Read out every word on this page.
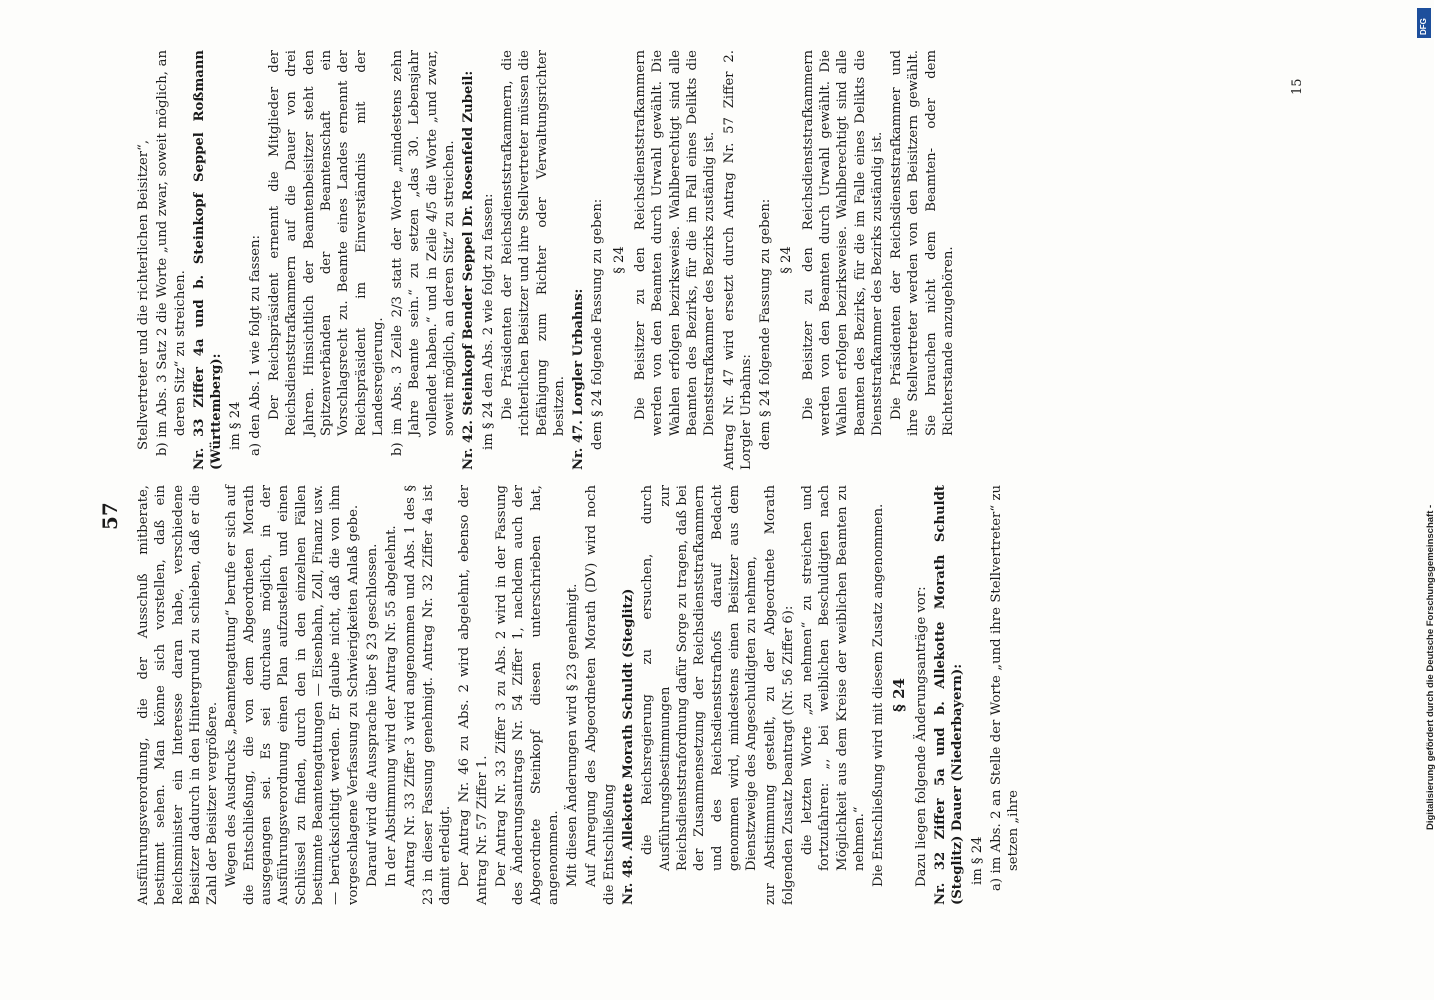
57 Ausführungsverordnung, die der Ausschuß mitberate, bestimmt sehen. Man könne sich vorstellen, daß ein Reichsminister ein Interesse daran habe, verschiedene Beisitzer dadurch in den Hintergrund zu schieben, daß er die Zahl der Beisitzer vergrößere. Wegen des Ausdrucks „Beamtengattung“ berufe er sich auf die Entschließung, die von dem Abgeordneten Morath ausgegangen sei. Es sei durchaus möglich, in der Ausführungsverordnung einen Plan aufzustellen und einen Schlüssel zu finden, durch den in den einzelnen Fällen bestimmte Beamtengattungen — Eisenbahn, Zoll, Finanz usw. — berücksichtigt werden. Er glaube nicht, daß die von ihm vorgeschlagene Verfassung zu Schwierigkeiten Anlaß gebe. Darauf wird die Aussprache über § 23 geschlossen. In der Abstimmung wird der Antrag Nr. 55 abgelehnt. Antrag Nr. 33 Ziffer 3 wird angenommen und Abs. 1 des § 23 in dieser Fassung genehmigt. Antrag Nr. 32 Ziffer 4a ist damit erledigt. Der Antrag Nr. 46 zu Abs. 2 wird abgelehnt, ebenso der Antrag Nr. 57 Ziffer 1. Der Antrag Nr. 33 Ziffer 3 zu Abs. 2 wird in der Fassung des Änderungsantrags Nr. 54 Ziffer 1, nachdem auch der Abgeordnete Steinkopf diesen unterschrieben hat, angenommen. Mit diesen Änderungen wird § 23 genehmigt. Auf Anregung des Abgeordneten Morath (DV) wird noch die Entschließung Nr. 48. Allekotte Morath Schuldt (Steglitz) die Reichsregierung zu ersuchen, durch Ausführungsbestimmungen zur Reichsdienststrafordnung dafür Sorge zu tragen, daß bei der Zusammensetzung der Reichsdienststrafkammern und des Reichsdienststrafhofs darauf Bedacht genommen wird, mindestens einen Beisitzer aus dem Dienstzweige des Angeschuldigten zu nehmen, zur Abstimmung gestellt, zu der Abgeordnete Morath folgenden Zusatz beantragt (Nr. 56 Ziffer 6): die letzten Worte „zu nehmen“ zu streichen und fortzufahren: „, bei weiblichen Beschuldigten nach Möglichkeit aus dem Kreise der weiblichen Beamten zu nehmen.“ Die Entschließung wird mit diesem Zusatz angenommen. § 24 Dazu liegen folgende Änderungsanträge vor: Nr. 32 Ziffer 5a und b. Allekotte Morath Schuldt (Steglitz) Dauer (Niederbayern): im § 24 a) im Abs. 2 an Stelle der Worte „und ihre Stellvertreter“ zu setzen „ihre

Stellvertreter und die richterlichen Beisitzer“, b) im Abs. 3 Satz 2 die Worte „und zwar, soweit möglich, an deren Sitz“ zu streichen. Nr. 33 Ziffer 4a und b. Steinkopf Seppel Roßmann (Württemberg): im § 24 a) den Abs. 1 wie folgt zu fassen: Der Reichspräsident ernennt die Mitglieder der Reichsdienststrafkammern auf die Dauer von drei Jahren. Hinsichtlich der Beamtenbeisitzer steht den Spitzenverbänden der Beamtenschaft ein Vorschlagsrecht zu. Beamte eines Landes ernennt der Reichspräsident im Einverständnis mit der Landesregierung. b) im Abs. 3 Zeile 2/3 statt der Worte „mindestens zehn Jahre Beamte sein.“ zu setzen „das 30. Lebensjahr vollendet haben.“ und in Zeile 4/5 die Worte „und zwar, soweit möglich, an deren Sitz“ zu streichen. Nr. 42. Steinkopf Bender Seppel Dr. Rosenfeld Zubeil: im § 24 den Abs. 2 wie folgt zu fassen: Die Präsidenten der Reichsdienststrafkammern, die richterlichen Beisitzer und ihre Stellvertreter müssen die Befähigung zum Richter oder Verwaltungsrichter besitzen. Nr. 47. Lorgler Urbahns: dem § 24 folgende Fassung zu geben: § 24 Die Beisitzer zu den Reichsdienststrafkammern werden von den Beamten durch Urwahl gewählt. Die Wahlen erfolgen bezirksweise. Wahlberechtigt sind alle Beamten des Bezirks, für die im Fall eines Delikts die Dienststrafkammer des Bezirks zuständig ist. Antrag Nr. 47 wird ersetzt durch Antrag Nr. 57 Ziffer 2. Lorgler Urbahns: dem § 24 folgende Fassung zu geben: § 24 Die Beisitzer zu den Reichsdienststrafkammern werden von den Beamten durch Urwahl gewählt. Die Wahlen erfolgen bezirksweise. Wahlberechtigt sind alle Beamten des Bezirks, für die im Falle eines Delikts die Dienststrafkammer des Bezirks zuständig ist. Die Präsidenten der Reichsdienststrafkammer und ihre Stellvertreter werden von den Beisitzern gewählt. Sie brauchen nicht dem Beamten- oder dem Richterstande anzugehören.

15
Digitalisierung gefördert durch die Deutsche Forschungsgemeinschaft -
DFG
